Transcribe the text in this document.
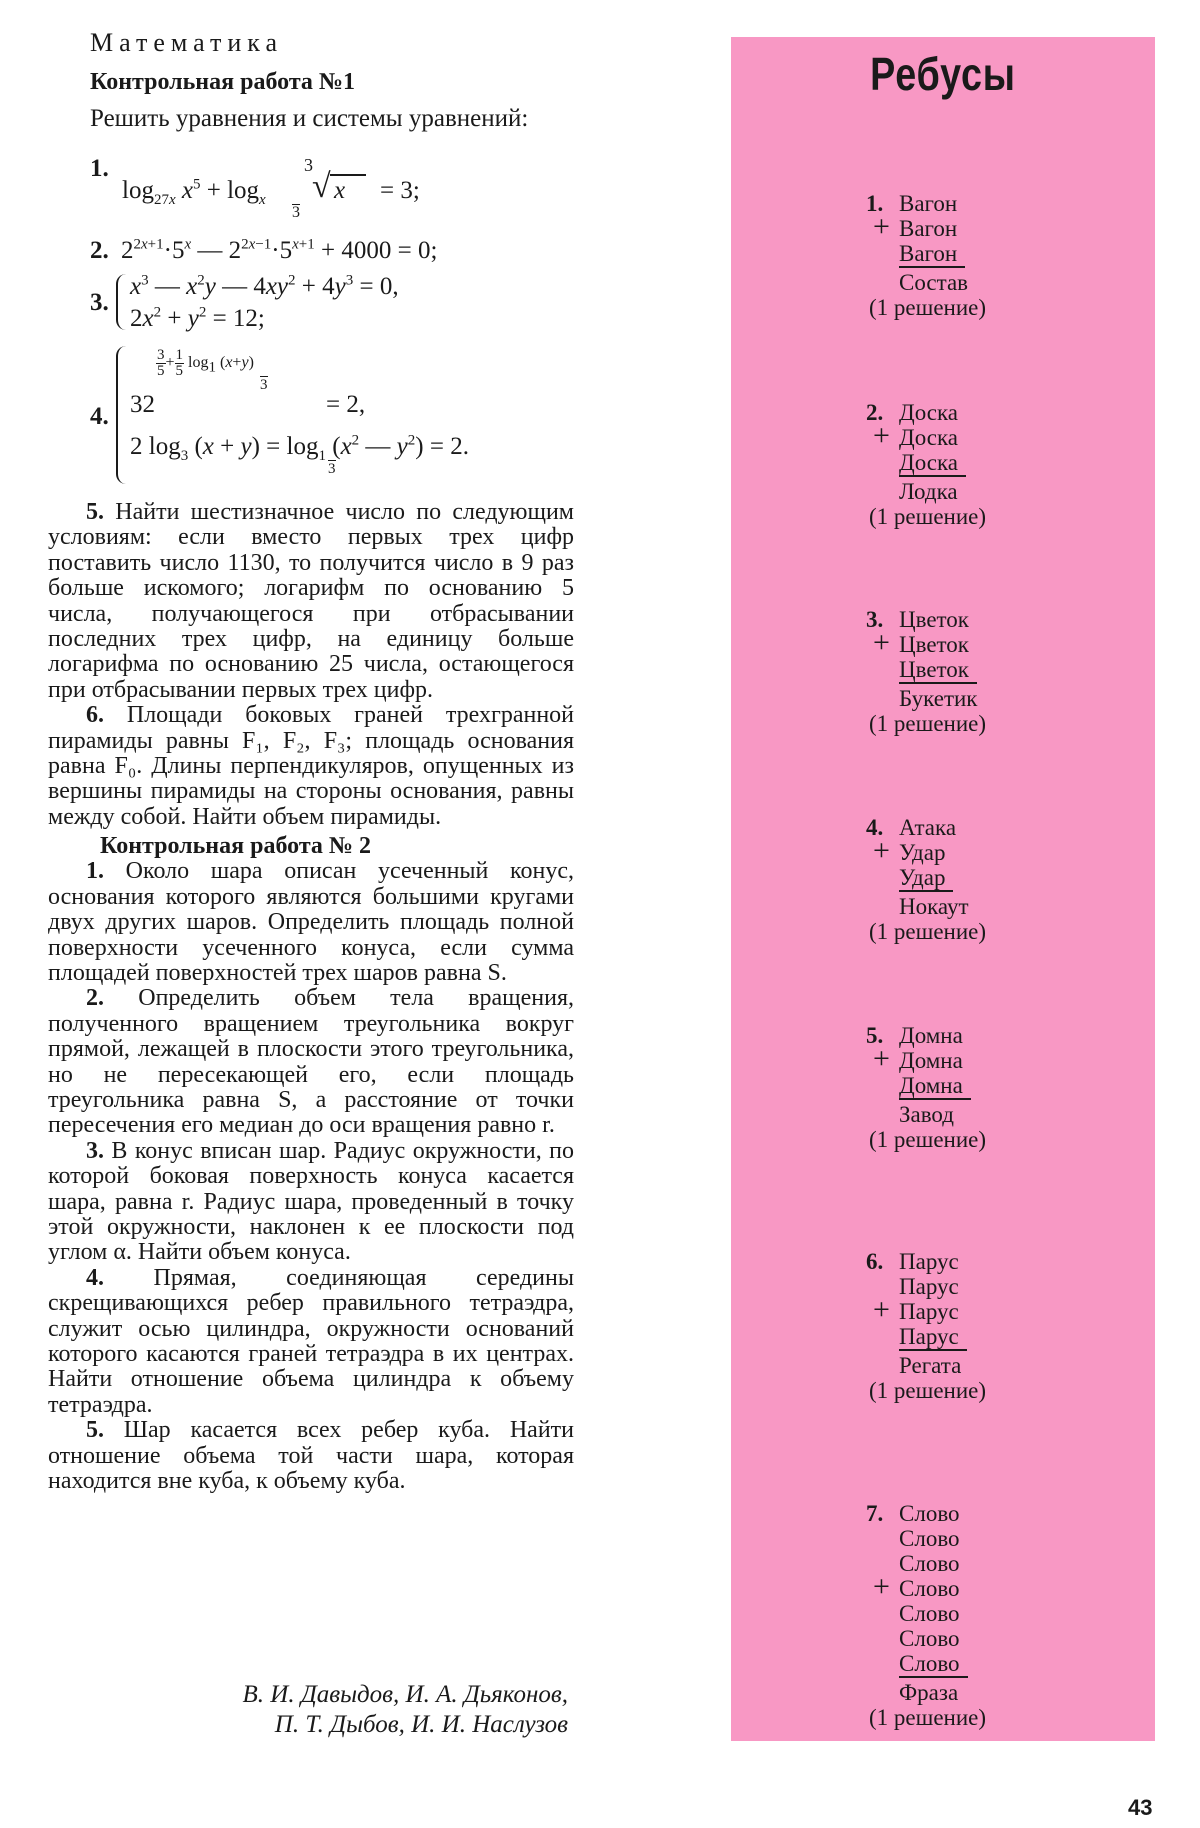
Математика
Контрольная работа №1
Решить уравнения и системы уравнений:
1.
$\log_{27x} x^5 + \log_x$
3
√ x = 3;
3
2. $2^{2x+1}\cdot 5^x$ — $2^{2x-1}\cdot 5^{x+1} + 4000 = 0$;
3.
$x^3$ — $x^2y$ — $4xy^2 + 4y^3 = 0$,
$2x^2 + y^2 = 12$;
4.
$\frac{3}{5} + \frac{1}{5} \log_1 (x+y)$
3
32	= 2,
2 $\log_3 (x + y) = \log_1 (x^2$ — $y^2) = 2$.
3

5. Найти шестизначное число по следующим условиям: если вместо первых трех цифр поставить число 1130, то получится число в 9 раз больше искомого; логарифм по основанию 5 числа, получающегося при отбрасывании последних трех цифр, на единицу больше логарифма по основанию 25 числа, остающегося при отбрасывании первых трех цифр.

6. Площади боковых граней трехгранной пирамиды равны F₁, F₂, F₃; площадь основания равна F₀. Длины перпендикуляров, опущенных из вершины пирамиды на стороны основания, равны между собой. Найти объем пирамиды.

Контрольная работа № 2

1. Около шара описан усеченный конус, основания которого являются большими кругами двух других шаров. Определить площадь полной поверхности усеченного конуса, если сумма площадей поверхностей трех шаров равна S.

2. Определить объем тела вращения, полученного вращением треугольника вокруг прямой, лежащей в плоскости этого треугольника, но не пересекающей его, если площадь треугольника равна S, а расстояние от точки пересечения его медиан до оси вращения равно r.

3. В конус вписан шар. Радиус окружности, по которой боковая поверхность конуса касается шара, равна r. Радиус шара, проведенный в точку этой окружности, наклонен к ее плоскости под углом α. Найти объем конуса.

4. Прямая, соединяющая середины скрещивающихся ребер правильного тетраэдра, служит осью цилиндра, окружности оснований которого касаются граней тетраэдра в их центрах. Найти отношение объема цилиндра к объему тетраэдра.

5. Шар касается всех ребер куба. Найти отношение объема той части шара, которая находится вне куба, к объему куба.

В. И. Давыдов, И. А. Дьяконов,
П. Т. Дыбов, И. И. Наслузов
Ребусы
1. Вагон
+ Вагон
Вагон
Состав
(1 решение)
2. Доска
+ Доска
Доска
Лодка
(1 решение)
3. Цветок
+ Цветок
Цветок
Букетик
(1 решение)
4. Атака
+ Удар
Удар
Нокаут
(1 решение)
5. Домна
+ Домна
Домна
Завод
(1 решение)
6. Парус
Парус
+ Парус
Парус
Регата
(1 решение)
7. Слово
Слово
Слово
+ Слово
Слово
Слово
Слово
Фраза
(1 решение)
43
